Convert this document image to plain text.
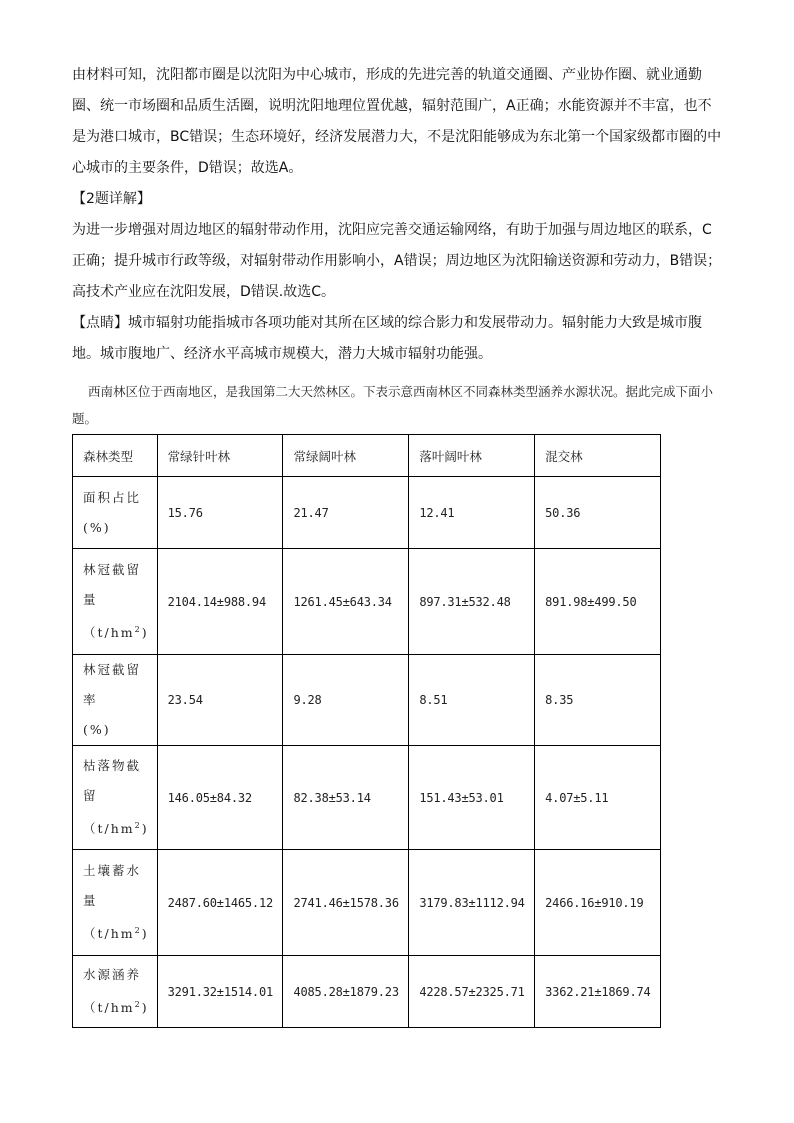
由材料可知，沈阳都市圈是以沈阳为中心城市，形成的先进完善的轨道交通圈、产业协作圈、就业通勤圈、统一市场圈和品质生活圈，说明沈阳地理位置优越，辐射范围广，A正确；水能资源并不丰富，也不是为港口城市，BC错误；生态环境好，经济发展潜力大，不是沈阳能够成为东北第一个国家级都市圈的中心城市的主要条件，D错误；故选A。

【2题详解】

为进一步增强对周边地区的辐射带动作用，沈阳应完善交通运输网络，有助于加强与周边地区的联系，C正确；提升城市行政等级，对辐射带动作用影响小，A错误；周边地区为沈阳输送资源和劳动力，B错误；高技术产业应在沈阳发展，D错误.故选C。

【点睛】城市辐射功能指城市各项功能对其所在区域的综合影力和发展带动力。辐射能力大致是城市腹地。城市腹地广、经济水平高城市规模大，潜力大城市辐射功能强。

西南林区位于西南地区，是我国第二大天然林区。下表示意西南林区不同森林类型涵养水源状况。据此完成下面小题。

森林类型	常绿针叶林	常绿阔叶林	落叶阔叶林	混交林
面积占比
(%)	15.76	21.47	12.41	50.36
林冠截留量
$(t/hm^2)$	2104.14±988.94	1261.45±643.34	897.31±532.48	891.98±499.50
林冠截留率
(%)	23.54	9.28	8.51	8.35
枯落物截留
$(t/hm^2)$	146.05±84.32	82.38±53.14	151.43±53.01	4.07±5.11
土壤蓄水量
$(t/hm^2)$	2487.60±1465.12	2741.46±1578.36	3179.83±1112.94	2466.16±910.19
水源涵养
$(t/hm^2)$	3291.32±1514.01	4085.28±1879.23	4228.57±2325.71	3362.21±1869.74
